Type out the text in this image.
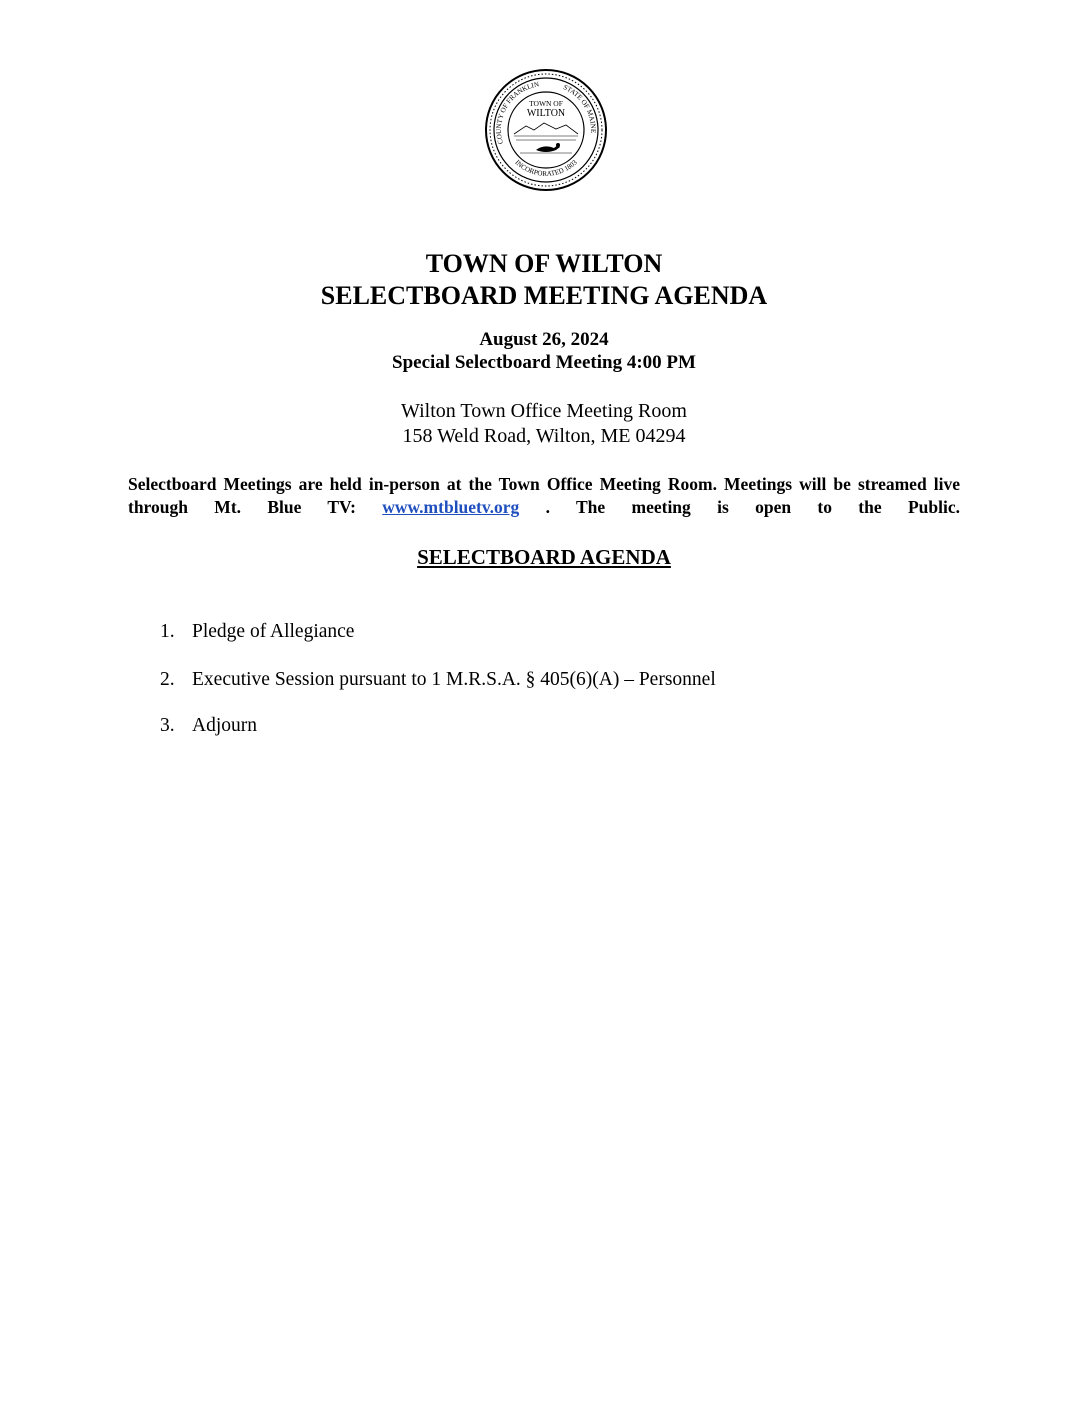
COUNTY OF FRANKLIN	STATE OF MAINE
INCORPORATED 1803
TOWN OF
WILTON
TOWN OF WILTON
SELECTBOARD MEETING AGENDA
August 26, 2024
Special Selectboard Meeting 4:00 PM
Wilton Town Office Meeting Room
158 Weld Road, Wilton, ME 04294
Selectboard Meetings are held in-person at the Town Office Meeting Room. Meetings will be streamed live through Mt. Blue TV: www.mtbluetv.org . The meeting is open to the Public.
SELECTBOARD AGENDA
1. Pledge of Allegiance
2. Executive Session pursuant to 1 M.R.S.A. § 405(6)(A) – Personnel
3. Adjourn
